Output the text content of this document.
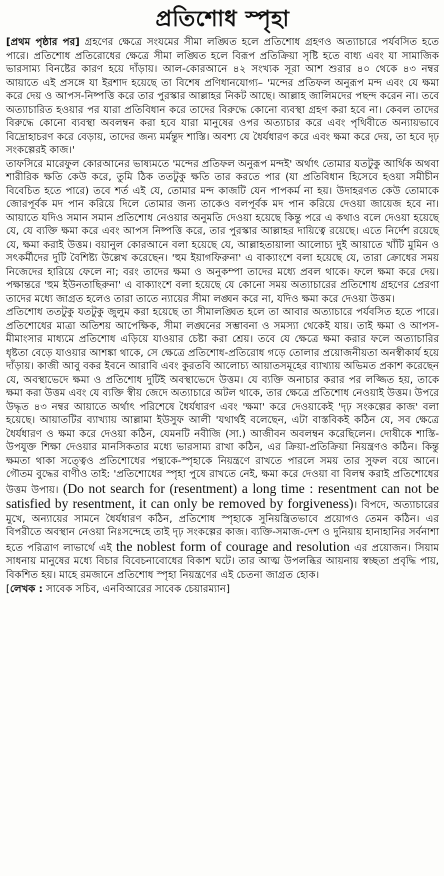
প্রতিশোধ স্পৃহা

[প্রথম পৃষ্ঠার পর] গ্রহণের ক্ষেত্রে সংযমের সীমা লঙ্ঘিত হলে প্রতিশোধ গ্রহণও অত্যাচারে পর্যবসিত হতে পারে। প্রতিশোধ প্রতিরোধের ক্ষেত্রে সীমা লঙ্ঘিত হলে বিরূপ প্রতিক্রিয়া সৃষ্টি হতে বাধ্য এবং যা সামাজিক ভারসাম্য বিনষ্টের কারণ হয়ে দাঁড়ায়। আল-কোরআনে ৪২ সংখ্যক সূরা আশ শুরার ৪০ থেকে ৪৩ নম্বর আয়াতে এই প্রসঙ্গে যা ইরশাদ হয়েছে তা বিশেষ প্রণিধানযোগ্য– 'মন্দের প্রতিফল অনুরূপ মন্দ এবং যে ক্ষমা করে দেয় ও আপস-নিষ্পত্তি করে তার পুরস্কার আল্লাহর নিকট আছে। আল্লাহ জালিমদের পছন্দ করেন না। তবে অত্যাচারিত হওয়ার পর যারা প্রতিবিধান করে তাদের বিরুদ্ধে কোনো ব্যবস্থা গ্রহণ করা হবে না। কেবল তাদের বিরুদ্ধে কোনো ব্যবস্থা অবলম্বন করা হবে যারা মানুষের ওপর অত্যাচার করে এবং পৃথিবীতে অন্যায়ভাবে বিদ্রোহাচরণ করে বেড়ায়, তাদের জন্য মর্মন্তুদ শাস্তি। অবশ্য যে ধৈর্যধারণ করে এবং ক্ষমা করে দেয়, তা হবে দৃঢ় সংকল্পেরই কাজ।'

তাফসিরে মারেফুল কোরআনের ভাষ্যমতে 'মন্দের প্রতিফল অনুরূপ মন্দই' অর্থাৎ তোমার যতটুকু আর্থিক অথবা শারীরিক ক্ষতি কেউ করে, তুমি ঠিক ততটুকু ক্ষতি তার করতে পার (যা প্রতিবিধান হিসেবে হওয়া সমীচীন বিবেচিত হতে পারে) তবে শর্ত এই যে, তোমার মন্দ কাজটি যেন পাপকর্ম না হয়। উদাহরণত কেউ তোমাকে জোরপূর্বক মদ পান করিয়ে দিলে তোমার জন্য তাকেও বলপূর্বক মদ পান করিয়ে দেওয়া জায়েজ হবে না। আয়াতে যদিও সমান সমান প্রতিশোধ নেওয়ার অনুমতি দেওয়া হয়েছে কিন্তু পরে এ কথাও বলে দেওয়া হয়েছে যে, যে ব্যক্তি ক্ষমা করে এবং আপস নিষ্পত্তি করে, তার পুরস্কার আল্লাহর দায়িত্বে রয়েছে। এতে নির্দেশ রয়েছে যে, ক্ষমা করাই উত্তম। বয়ানুল কোরআনে বলা হয়েছে যে, আল্লাহতায়ালা আলোচ্য দুই আয়াতে খাঁটি মুমিন ও সৎকর্মীদের দুটি বৈশিষ্ট্য উল্লেখ করেছেন। 'হুম ইয়াগফিরুনা' এ বাক্যাংশে বলা হয়েছে যে, তারা ক্রোধের সময় নিজেদের হারিয়ে ফেলে না; বরং তাদের ক্ষমা ও অনুকম্পা তাদের মধ্যে প্রবল থাকে। ফলে ক্ষমা করে দেয়। পক্ষান্তরে 'হুম ইউনতাছিরুনা' এ বাক্যাংশে বলা হয়েছে যে কোনো সময় অত্যাচারের প্রতিশোধ গ্রহণের প্রেরণা তাদের মধ্যে জাগ্রত হলেও তারা তাতে ন্যায়ের সীমা লঙ্ঘন করে না, যদিও ক্ষমা করে দেওয়া উত্তম।

প্রতিশোধ ততটুকু যতটুকু জুলুম করা হয়েছে তা সীমালঙ্ঘিত হলে তা আবার অত্যাচারে পর্যবসিত হতে পারে। প্রতিশোধের মাত্রা অতিশয় আপেক্ষিক, সীমা লঙ্ঘনের সম্ভাবনা ও সমস্যা থেকেই যায়। তাই ক্ষমা ও আপস-মীমাংসার মাধ্যমে প্রতিশোধ এড়িয়ে যাওয়ার চেষ্টা করা শ্রেয়। তবে যে ক্ষেত্রে ক্ষমা করার ফলে অত্যাচারির ধৃষ্টতা বেড়ে যাওয়ার আশঙ্কা থাকে, সে ক্ষেত্রে প্রতিশোধ-প্রতিরোধ গড়ে তোলার প্রয়োজনীয়তা অনস্বীকার্য হয়ে দাঁড়ায়। কাজী আবু বকর ইবনে আরাবি এবং কুরতবি আলোচ্য আয়াতসমূহের ব্যাখ্যায় অভিমত প্রকাশ করেছেন যে, অবস্থাভেদে ক্ষমা ও প্রতিশোধ দুটিই অবস্থাভেদে উত্তম। যে ব্যক্তি অনাচার করার পর লজ্জিত হয়, তাকে ক্ষমা করা উত্তম এবং যে ব্যক্তি স্বীয় জেদে অত্যাচারে অটল থাকে, তার ক্ষেত্রে প্রতিশোধ নেওয়াই উত্তম। উপরে উদ্ধৃত ৪৩ নম্বর আয়াতে অর্থাৎ পরিশেষে ধৈর্যধারণ এবং 'ক্ষমা' করে দেওয়াকেই 'দৃঢ় সংকল্পের কাজ' বলা হয়েছে। আয়াতটির ব্যাখ্যায় আল্লামা ইউসুফ আলী 'যথার্থই বলেছেন, এটা বাস্তবিকই কঠিন যে, সব ক্ষেত্রে ধৈর্যধারণ ও ক্ষমা করে দেওয়া কঠিন, যেমনটি নবীজি (সা.) আজীবন অবলম্বন করেছিলেন। দোষীকে শাস্তি-উপযুক্ত শিক্ষা দেওয়ার মানসিকতার মধ্যে ভারসাম্য রাখা কঠিন, এর ক্রিয়া-প্রতিক্রিয়া নিয়ন্ত্রণও কঠিন। কিন্তু ক্ষমতা থাকা সত্ত্বেও প্রতিশোধের পন্থাকে-স্পৃহাকে নিয়ন্ত্রণে রাখতে পারলে সময় তার সুফল বয়ে আনে। গৌতম বুদ্ধের বাণীও তাই: 'প্রতিশোধের স্পৃহা পুষে রাখতে নেই, ক্ষমা করে দেওয়া বা বিলম্ব করাই প্রতিশোধের উত্তম উপায়। (Do not search for (resentment) a long time : resentment can not be satisfied by resentment, it can only be removed by forgiveness)। বিপদে, অত্যাচারের মুখে, অন্যায়ের সামনে ধৈর্যধারণ কঠিন, প্রতিশোধ স্পৃহাকে সুনিয়ন্ত্রিতভাবে প্রয়োগও তেমন কঠিন। এর বিপরীতে অবস্থান নেওয়া নিঃসন্দেহে তাই দৃঢ় সংকল্পের কাজ। ব্যক্তি-সমাজ-দেশ ও দুনিয়ায় হানাহানির সর্বনাশা হতে পরিত্রাণ লাভার্থে এই the noblest form of courage and resolution এর প্রয়োজন। সিয়াম সাধনায় মানুষের মধ্যে বিচার বিবেচনাবোধের বিকাশ ঘটে। তার আত্ম উপলব্ধির আয়নায় স্বচ্ছতা প্রবৃদ্ধি পায়, বিকশিত হয়। মাহে রমজানে প্রতিশোধ স্পৃহা নিয়ন্ত্রণের এই চেতনা জাগ্রত হোক।

[লেখক : সাবেক সচিব, এনবিআরের সাবেক চেয়ারম্যান]
